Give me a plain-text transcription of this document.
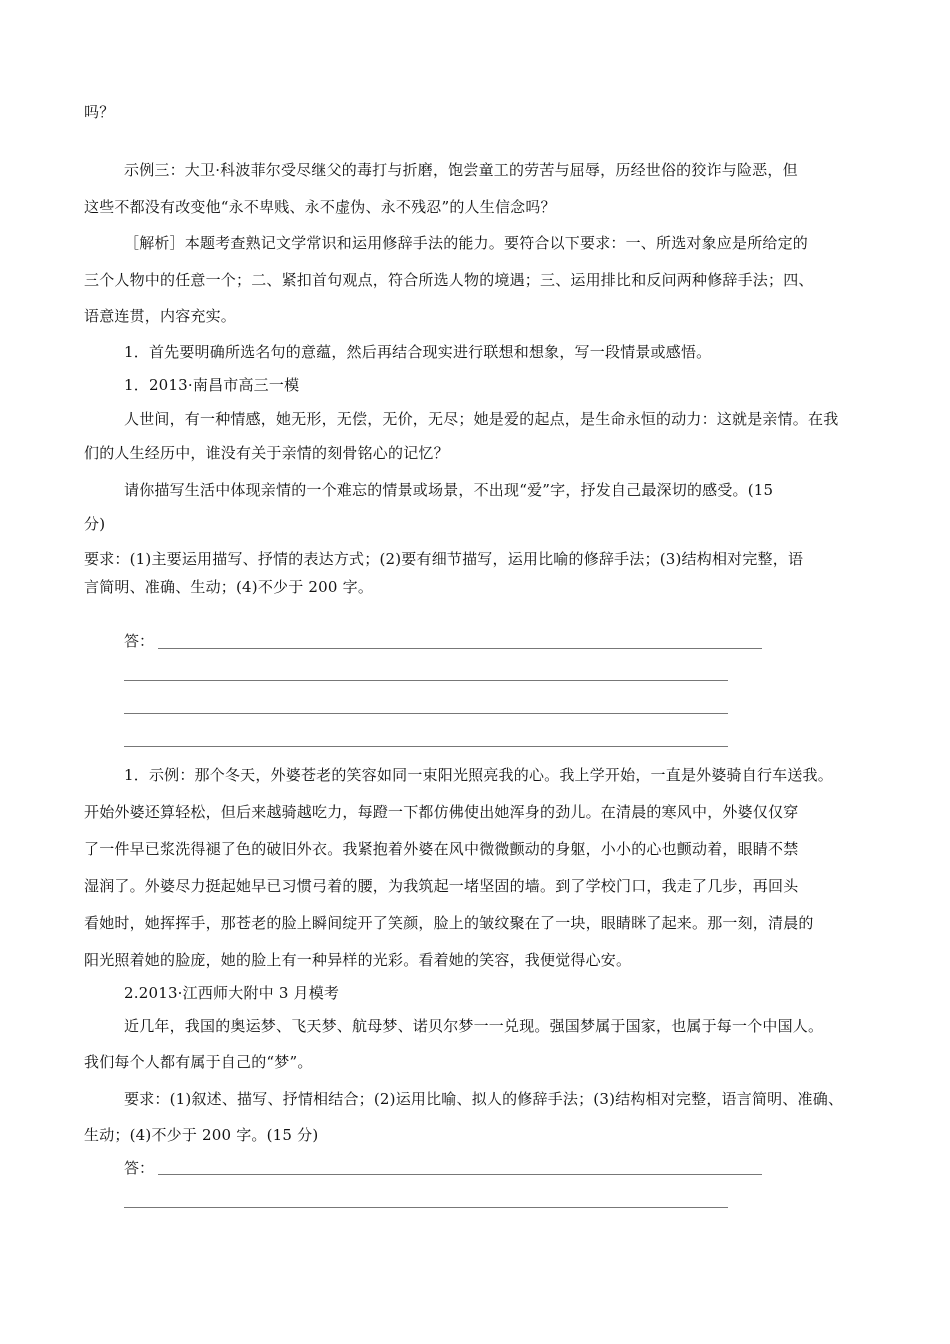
吗？
示例三：大卫·科波菲尔受尽继父的毒打与折磨，饱尝童工的劳苦与屈辱，历经世俗的狡诈与险恶，但
这些不都没有改变他“永不卑贱、永不虚伪、永不残忍”的人生信念吗？
［解析］本题考查熟记文学常识和运用修辞手法的能力。要符合以下要求：一、所选对象应是所给定的
三个人物中的任意一个；二、紧扣首句观点，符合所选人物的境遇；三、运用排比和反问两种修辞手法；四、
语意连贯，内容充实。
1．首先要明确所选名句的意蕴，然后再结合现实进行联想和想象，写一段情景或感悟。
1．2013·南昌市高三一模
人世间，有一种情感，她无形，无偿，无价，无尽；她是爱的起点，是生命永恒的动力：这就是亲情。在我
们的人生经历中，谁没有关于亲情的刻骨铭心的记忆？
请你描写生活中体现亲情的一个难忘的情景或场景，不出现“爱”字，抒发自己最深切的感受。(15
分)
要求：(1)主要运用描写、抒情的表达方式；(2)要有细节描写，运用比喻的修辞手法；(3)结构相对完整，语
言简明、准确、生动；(4)不少于 200 字。
答：
1．示例：那个冬天，外婆苍老的笑容如同一束阳光照亮我的心。我上学开始，一直是外婆骑自行车送我。
开始外婆还算轻松，但后来越骑越吃力，每蹬一下都仿佛使出她浑身的劲儿。在清晨的寒风中，外婆仅仅穿
了一件早已浆洗得褪了色的破旧外衣。我紧抱着外婆在风中微微颤动的身躯，小小的心也颤动着，眼睛不禁
湿润了。外婆尽力挺起她早已习惯弓着的腰，为我筑起一堵坚固的墙。到了学校门口，我走了几步，再回头
看她时，她挥挥手，那苍老的脸上瞬间绽开了笑颜，脸上的皱纹聚在了一块，眼睛眯了起来。那一刻，清晨的
阳光照着她的脸庞，她的脸上有一种异样的光彩。看着她的笑容，我便觉得心安。
2.2013·江西师大附中 3 月模考
近几年，我国的奥运梦、飞天梦、航母梦、诺贝尔梦一一兑现。强国梦属于国家，也属于每一个中国人。
我们每个人都有属于自己的“梦”。
要求：(1)叙述、描写、抒情相结合；(2)运用比喻、拟人的修辞手法；(3)结构相对完整，语言简明、准确、
生动；(4)不少于 200 字。(15 分)
答：
